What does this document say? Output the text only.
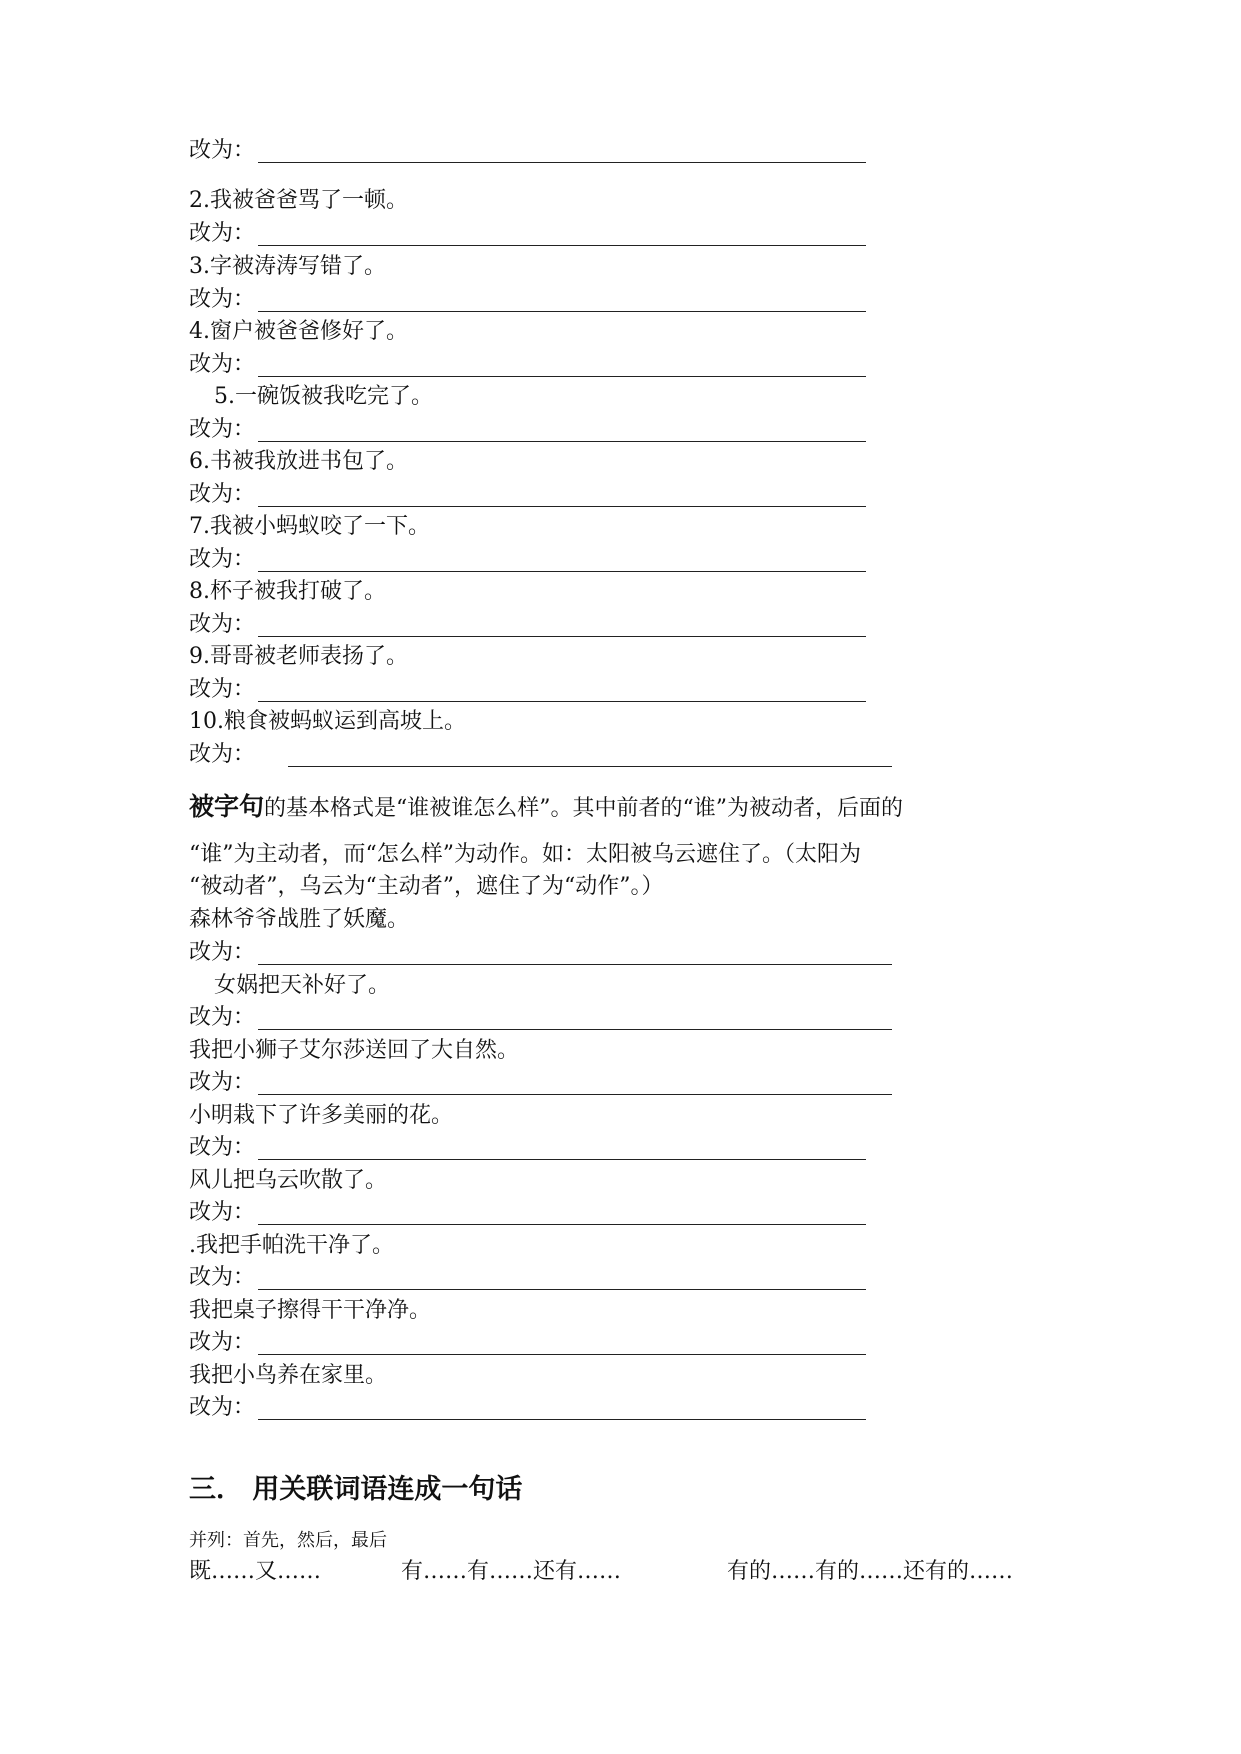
改为：
2.我被爸爸骂了一顿。
改为：
3.字被涛涛写错了。
改为：
4.窗户被爸爸修好了。
改为：
5.一碗饭被我吃完了。
改为：
6.书被我放进书包了。
改为：
7.我被小蚂蚁咬了一下。
改为：
8.杯子被我打破了。
改为：
9.哥哥被老师表扬了。
改为：
10.粮食被蚂蚁运到高坡上。
改为：
被字句的基本格式是“谁被谁怎么样”。其中前者的“谁”为被动者，后面的
“谁”为主动者，而“怎么样”为动作。如：太阳被乌云遮住了。（太阳为
“被动者”，乌云为“主动者”，遮住了为“动作”。）
森林爷爷战胜了妖魔。
改为：
女娲把天补好了。
改为：
我把小狮子艾尔莎送回了大自然。
改为：
小明栽下了许多美丽的花。
改为：
风儿把乌云吹散了。
改为：
.我把手帕洗干净了。
改为：
我把桌子擦得干干净净。
改为：
我把小鸟养在家里。
改为：
三． 用关联词语连成一句话
并列：首先，然后，最后
既……又……	有……有……还有……	有的……有的……还有的……
